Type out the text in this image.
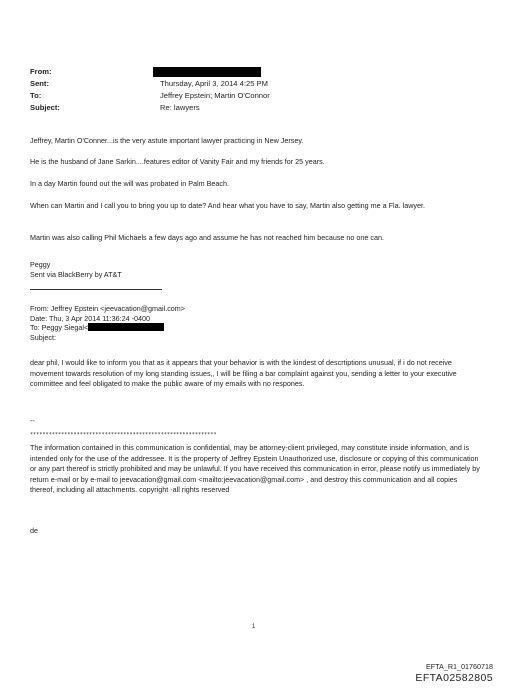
From:
Sent:	Thursday, April 3, 2014 4:25 PM
To:	Jeffrey Epstein; Martin O'Connor
Subject:	Re: lawyers

Jeffrey, Martin O'Conner...is the very astute important lawyer practicing in New Jersey.

He is the husband of Jane Sarkin....features editor of Vanity Fair and my friends for 25 years.

In a day Martin found out the will was probated in Palm Beach.

When can Martin and I call you to bring you up to date? And hear what you have to say, Martin also getting me a Fla. lawyer.

Martin was also calling Phil Michaels a few days ago and assume he has not reached him because no one can.

Peggy

Sent via BlackBerry by AT&T

From: Jeffrey Epstein <jeevacation@gmail.com>
Date: Thu, 3 Apr 2014 11:36:24 -0400
To: Peggy Siegal<
Subject:

dear phil, I would like to inform you that as it appears that your behavior is with the kindest of descrtiptions unusual, if i do not receive movement towards resolution of my long standing issues,, I will be filing a bar complaint against you, sending a letter to your executive committee and feel obligated to make the public aware of my emails with no respones.

--

************************************************************

The information contained in this communication is confidential, may be attorney-client privileged, may constitute inside information, and is intended only for the use of the addressee. It is the property of Jeffrey Epstein Unauthorized use, disclosure or copying of this communication or any part thereof is strictly prohibited and may be unlawful. If you have received this communication in error, please notify us immediately by return e-mail or by e-mail to jeevacation@gmail.com <mailto:jeevacation@gmail.com> , and destroy this communication and all copies thereof, including all attachments. copyright -all rights reserved

de

1
EFTA_R1_01760718
EFTA02582805
